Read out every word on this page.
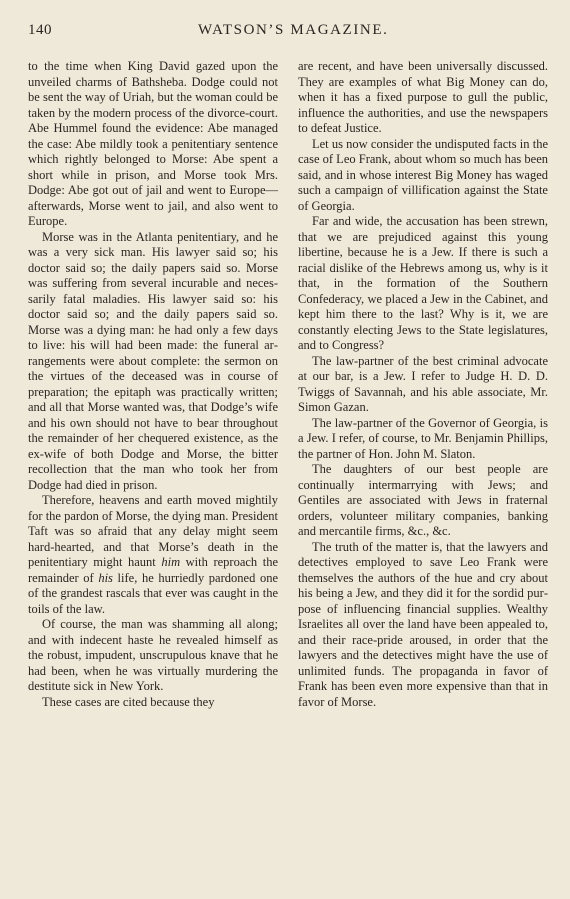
140	WATSON’S MAGAZINE.

to the time when King David gazed upon the unveiled charms of Bathsheba. Dodge could not be sent the way of Uriah, but the woman could be taken by the modern process of the divorce-court. Abe Hummel found the evidence: Abe managed the case: Abe mildly took a penitentiary sentence which rightly belonged to Morse: Abe spent a short while in prison, and Morse took Mrs. Dodge: Abe got out of jail and went to Europe—afterwards, Morse went to jail, and also went to Europe.

Morse was in the Atlanta penitentiary, and he was a very sick man. His lawyer said so; his doctor said so; the daily papers said so. Morse was suffering from several incurable and necessarily fatal maladies. His lawyer said so: his doctor said so; and the daily papers said so. Morse was a dying man: he had only a few days to live: his will had been made: the funeral arrangements were about complete: the sermon on the virtues of the deceased was in course of preparation; the epitaph was practically written; and all that Morse wanted was, that Dodge’s wife and his own should not have to bear throughout the remainder of her chequered existence, as the ex-wife of both Dodge and Morse, the bitter recollection that the man who took her from Dodge had died in prison.

Therefore, heavens and earth moved mightily for the pardon of Morse, the dying man. President Taft was so afraid that any delay might seem hard-hearted, and that Morse’s death in the penitentiary might haunt him with reproach the remainder of his life, he hurriedly pardoned one of the grandest rascals that ever was caught in the toils of the law.

Of course, the man was shamming all along; and with indecent haste he revealed himself as the robust, impudent, unscrupulous knave that he had been, when he was virtually murdering the destitute sick in New York.

These cases are cited because they

are recent, and have been universally discussed. They are examples of what Big Money can do, when it has a fixed purpose to gull the public, influence the authorities, and use the newspapers to defeat Justice.

Let us now consider the undisputed facts in the case of Leo Frank, about whom so much has been said, and in whose interest Big Money has waged such a campaign of villification against the State of Georgia.

Far and wide, the accusation has been strewn, that we are prejudiced against this young libertine, because he is a Jew. If there is such a racial dislike of the Hebrews among us, why is it that, in the formation of the Southern Confederacy, we placed a Jew in the Cabinet, and kept him there to the last? Why is it, we are constantly electing Jews to the State legislatures, and to Congress?

The law-partner of the best criminal advocate at our bar, is a Jew. I refer to Judge H. D. D. Twiggs of Savannah, and his able associate, Mr. Simon Gazan.

The law-partner of the Governor of Georgia, is a Jew. I refer, of course, to Mr. Benjamin Phillips, the partner of Hon. John M. Slaton.

The daughters of our best people are continually intermarrying with Jews; and Gentiles are associated with Jews in fraternal orders, volunteer military companies, banking and mercantile firms, &c., &c.

The truth of the matter is, that the lawyers and detectives employed to save Leo Frank were themselves the authors of the hue and cry about his being a Jew, and they did it for the sordid purpose of influencing financial supplies. Wealthy Israelites all over the land have been appealed to, and their race-pride aroused, in order that the lawyers and the detectives might have the use of unlimited funds. The propaganda in favor of Frank has been even more expensive than that in favor of Morse.
